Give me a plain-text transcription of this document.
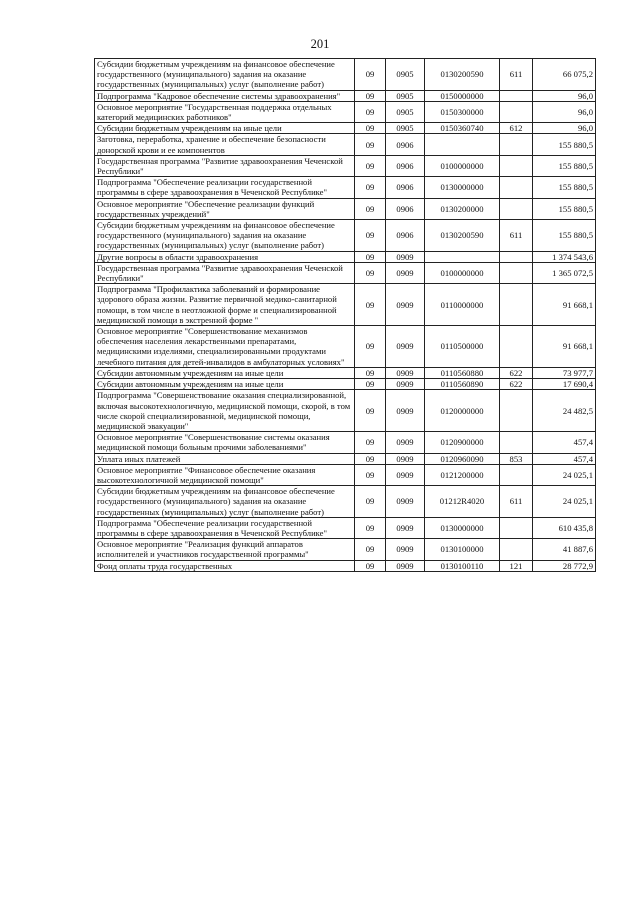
201
Субсидии бюджетным учреждениям на финансовое обеспечение государственного (муниципального) задания на оказание государственных (муниципальных) услуг (выполнение работ)	09	0905	0130200590	611	66 075,2
Подпрограмма "Кадровое обеспечение системы здравоохранения"	09	0905	0150000000		96,0
Основное мероприятие "Государственная поддержка отдельных категорий медицинских работников"	09	0905	0150300000		96,0
Субсидии бюджетным учреждениям на иные цели	09	0905	0150360740	612	96,0
Заготовка, переработка, хранение и обеспечение безопасности донорской крови и ее компонентов	09	0906			155 880,5
Государственная программа "Развитие здравоохранения Чеченской Республики"	09	0906	0100000000		155 880,5
Подпрограмма "Обеспечение реализации государственной программы в сфере здравоохранения в Чеченской Республике"	09	0906	0130000000		155 880,5
Основное мероприятие "Обеспечение реализации функций государственных учреждений"	09	0906	0130200000		155 880,5
Субсидии бюджетным учреждениям на финансовое обеспечение государственного (муниципального) задания на оказание государственных (муниципальных) услуг (выполнение работ)	09	0906	0130200590	611	155 880,5
Другие вопросы в области здравоохранения	09	0909			1 374 543,6
Государственная программа "Развитие здравоохранения Чеченской Республики"	09	0909	0100000000		1 365 072,5
Подпрограмма "Профилактика заболеваний и формирование здорового образа жизни. Развитие первичной медико-санитарной помощи, в том числе в неотложной форме и специализированной медицинской помощи в экстренной форме "	09	0909	0110000000		91 668,1
Основное мероприятие "Совершенствование механизмов обеспечения населения лекарственными препаратами, медицинскими изделиями, специализированными продуктами лечебного питания для детей-инвалидов в амбулаторных условиях"	09	0909	0110500000		91 668,1
Субсидии автономным учреждениям на иные цели	09	0909	0110560880	622	73 977,7
Субсидии автономным учреждениям на иные цели	09	0909	0110560890	622	17 690,4
Подпрограмма "Совершенствование оказания специализированной, включая высокотехнологичную, медицинской помощи, скорой, в том числе скорой специализированной, медицинской помощи, медицинской эвакуации"	09	0909	0120000000		24 482,5
Основное мероприятие "Совершенствование системы оказания медицинской помощи больным прочими заболеваниями"	09	0909	0120900000		457,4
Уплата иных платежей	09	0909	0120960090	853	457,4
Основное мероприятие "Финансовое обеспечение оказания высокотехнологичной медицинской помощи"	09	0909	0121200000		24 025,1
Субсидии бюджетным учреждениям на финансовое обеспечение государственного (муниципального) задания на оказание государственных (муниципальных) услуг (выполнение работ)	09	0909	01212R4020	611	24 025,1
Подпрограмма "Обеспечение реализации государственной программы в сфере здравоохранения в Чеченской Республике"	09	0909	0130000000		610 435,8
Основное мероприятие "Реализация функций аппаратов исполнителей и участников государственной программы"	09	0909	0130100000		41 887,6
Фонд оплаты труда государственных	09	0909	0130100110	121	28 772,9
